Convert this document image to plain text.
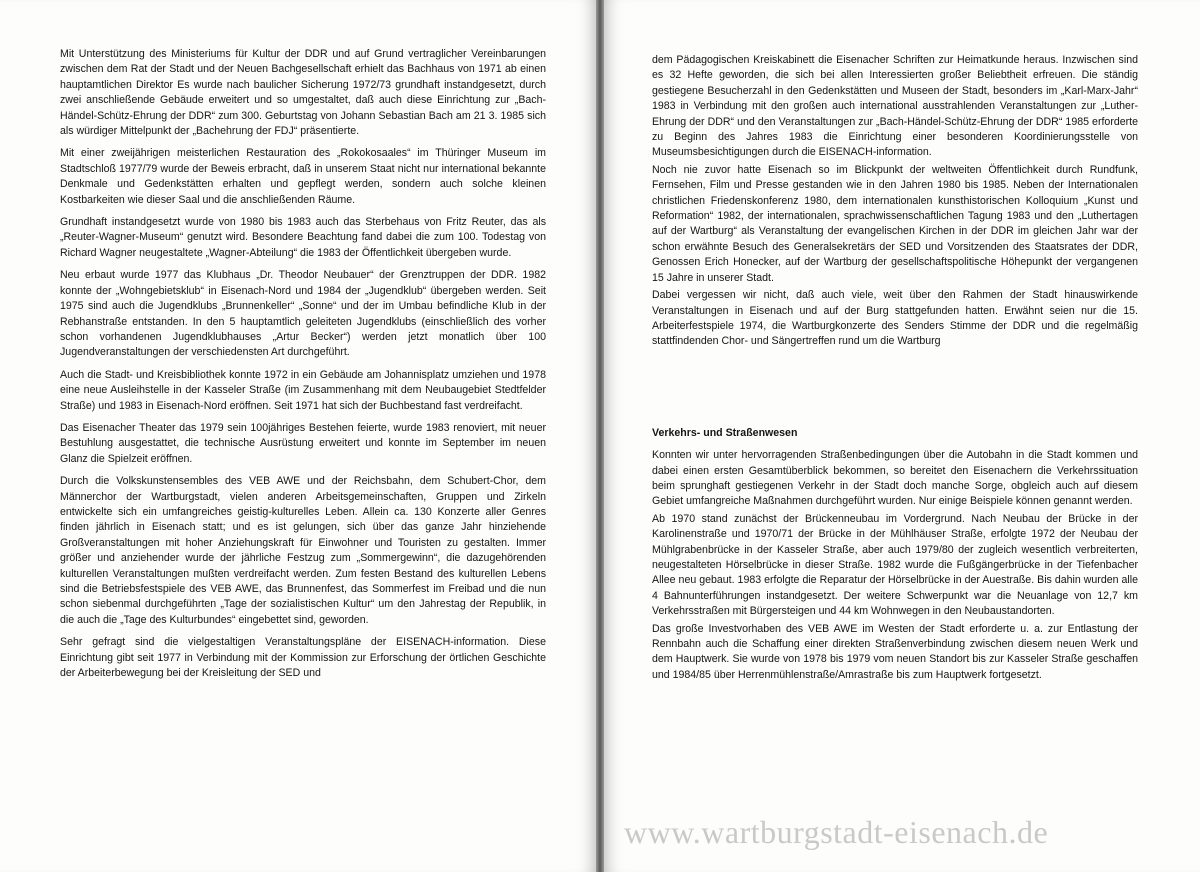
Mit Unterstützung des Ministeriums für Kultur der DDR und auf Grund vertraglicher Vereinbarungen zwischen dem Rat der Stadt und der Neuen Bachgesellschaft erhielt das Bachhaus von 1971 ab einen hauptamtlichen Direktor Es wurde nach baulicher Sicherung 1972/73 grundhaft instandgesetzt, durch zwei anschließende Gebäude erweitert und so umgestaltet, daß auch diese Einrichtung zur „Bach-Händel-Schütz-Ehrung der DDR“ zum 300. Geburtstag von Johann Sebastian Bach am 21 3. 1985 sich als würdiger Mittelpunkt der „Bachehrung der FDJ“ präsentierte.

Mit einer zweijährigen meisterlichen Restauration des „Rokokosaales“ im Thüringer Museum im Stadtschloß 1977/79 wurde der Beweis erbracht, daß in unserem Staat nicht nur international bekannte Denkmale und Gedenkstätten erhalten und gepflegt werden, sondern auch solche kleinen Kostbarkeiten wie dieser Saal und die anschließenden Räume.

Grundhaft instandgesetzt wurde von 1980 bis 1983 auch das Sterbehaus von Fritz Reuter, das als „Reuter-Wagner-Museum“ genutzt wird. Besondere Beachtung fand dabei die zum 100. Todestag von Richard Wagner neugestaltete „Wagner-Abteilung“ die 1983 der Öffentlichkeit übergeben wurde.

Neu erbaut wurde 1977 das Klubhaus „Dr. Theodor Neubauer“ der Grenztruppen der DDR. 1982 konnte der „Wohngebietsklub“ in Eisenach-Nord und 1984 der „Jugendklub“ übergeben werden. Seit 1975 sind auch die Jugendklubs „Brunnenkeller“ „Sonne“ und der im Umbau befindliche Klub in der Rebhanstraße entstanden. In den 5 hauptamtlich geleiteten Jugendklubs (einschließlich des vorher schon vorhandenen Jugendklubhauses „Artur Becker“) werden jetzt monatlich über 100 Jugendveranstaltungen der verschiedensten Art durchgeführt.

Auch die Stadt- und Kreisbibliothek konnte 1972 in ein Gebäude am Johannisplatz umziehen und 1978 eine neue Ausleihstelle in der Kasseler Straße (im Zusammenhang mit dem Neubaugebiet Stedtfelder Straße) und 1983 in Eisenach-Nord eröffnen. Seit 1971 hat sich der Buchbestand fast verdreifacht.

Das Eisenacher Theater das 1979 sein 100jähriges Bestehen feierte, wurde 1983 renoviert, mit neuer Bestuhlung ausgestattet, die technische Ausrüstung erweitert und konnte im September im neuen Glanz die Spielzeit eröffnen.

Durch die Volkskunstensembles des VEB AWE und der Reichsbahn, dem Schubert-Chor, dem Männerchor der Wartburgstadt, vielen anderen Arbeitsgemeinschaften, Gruppen und Zirkeln entwickelte sich ein umfangreiches geistig-kulturelles Leben. Allein ca. 130 Konzerte aller Genres finden jährlich in Eisenach statt; und es ist gelungen, sich über das ganze Jahr hinziehende Großveranstaltungen mit hoher Anziehungskraft für Einwohner und Touristen zu gestalten. Immer größer und anziehender wurde der jährliche Festzug zum „Sommergewinn“, die dazugehörenden kulturellen Veranstaltungen mußten verdreifacht werden. Zum festen Bestand des kulturellen Lebens sind die Betriebsfestspiele des VEB AWE, das Brunnenfest, das Sommerfest im Freibad und die nun schon siebenmal durchgeführten „Tage der sozialistischen Kultur“ um den Jahrestag der Republik, in die auch die „Tage des Kulturbundes“ eingebettet sind, geworden.

Sehr gefragt sind die vielgestaltigen Veranstaltungspläne der EISENACH-information. Diese Einrichtung gibt seit 1977 in Verbindung mit der Kommission zur Erforschung der örtlichen Geschichte der Arbeiterbewegung bei der Kreisleitung der SED und

dem Pädagogischen Kreiskabinett die Eisenacher Schriften zur Heimatkunde heraus. Inzwischen sind es 32 Hefte geworden, die sich bei allen Interessierten großer Beliebtheit erfreuen. Die ständig gestiegene Besucherzahl in den Gedenkstätten und Museen der Stadt, besonders im „Karl-Marx-Jahr“ 1983 in Verbindung mit den großen auch international ausstrahlenden Veranstaltungen zur „Luther-Ehrung der DDR“ und den Veranstaltungen zur „Bach-Händel-Schütz-Ehrung der DDR“ 1985 erforderte zu Beginn des Jahres 1983 die Einrichtung einer besonderen Koordinierungsstelle von Museumsbesichtigungen durch die EISENACH-information.

Noch nie zuvor hatte Eisenach so im Blickpunkt der weltweiten Öffentlichkeit durch Rundfunk, Fernsehen, Film und Presse gestanden wie in den Jahren 1980 bis 1985. Neben der Internationalen christlichen Friedenskonferenz 1980, dem internationalen kunsthistorischen Kolloquium „Kunst und Reformation“ 1982, der internationalen, sprachwissenschaftlichen Tagung 1983 und den „Luthertagen auf der Wartburg“ als Veranstaltung der evangelischen Kirchen in der DDR im gleichen Jahr war der schon erwähnte Besuch des Generalsekretärs der SED und Vorsitzenden des Staatsrates der DDR, Genossen Erich Honecker, auf der Wartburg der gesellschaftspolitische Höhepunkt der vergangenen 15 Jahre in unserer Stadt.

Dabei vergessen wir nicht, daß auch viele, weit über den Rahmen der Stadt hinauswirkende Veranstaltungen in Eisenach und auf der Burg stattgefunden hatten. Erwähnt seien nur die 15. Arbeiterfestspiele 1974, die Wartburgkonzerte des Senders Stimme der DDR und die regelmäßig stattfindenden Chor- und Sängertreffen rund um die Wartburg

Verkehrs- und Straßenwesen

Konnten wir unter hervorragenden Straßenbedingungen über die Autobahn in die Stadt kommen und dabei einen ersten Gesamtüberblick bekommen, so bereitet den Eisenachern die Verkehrssituation beim sprunghaft gestiegenen Verkehr in der Stadt doch manche Sorge, obgleich auch auf diesem Gebiet umfangreiche Maßnahmen durchgeführt wurden. Nur einige Beispiele können genannt werden.

Ab 1970 stand zunächst der Brückenneubau im Vordergrund. Nach Neubau der Brücke in der Karolinenstraße und 1970/71 der Brücke in der Mühlhäuser Straße, erfolgte 1972 der Neubau der Mühlgrabenbrücke in der Kasseler Straße, aber auch 1979/80 der zugleich wesentlich verbreiterten, neugestalteten Hörselbrücke in dieser Straße. 1982 wurde die Fußgängerbrücke in der Tiefenbacher Allee neu gebaut. 1983 erfolgte die Reparatur der Hörselbrücke in der Auestraße. Bis dahin wurden alle 4 Bahnunterführungen instandgesetzt. Der weitere Schwerpunkt war die Neuanlage von 12,7 km Verkehrsstraßen mit Bürgersteigen und 44 km Wohnwegen in den Neubaustandorten.

Das große Investvorhaben des VEB AWE im Westen der Stadt erforderte u. a. zur Entlastung der Rennbahn auch die Schaffung einer direkten Straßenverbindung zwischen diesem neuen Werk und dem Hauptwerk. Sie wurde von 1978 bis 1979 vom neuen Standort bis zur Kasseler Straße geschaffen und 1984/85 über Herrenmühlenstraße/Amrastraße bis zum Hauptwerk fortgesetzt.

www.wartburgstadt-eisenach.de
